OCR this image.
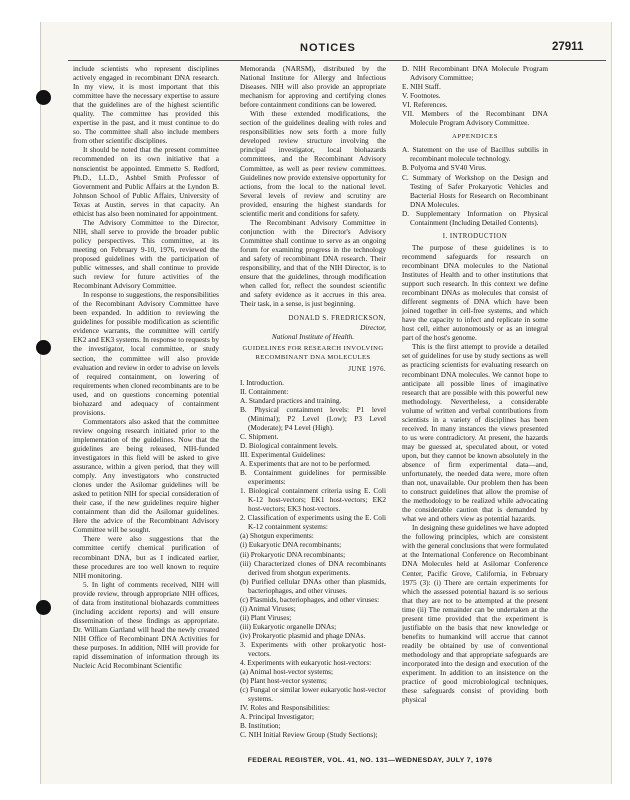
NOTICES	27911

include scientists who represent disciplines actively engaged in recombinant DNA research. In my view, it is most important that this committee have the necessary expertise to assure that the guidelines are of the highest scientific quality. The committee has provided this expertise in the past, and it must continue to do so. The committee shall also include members from other scientific disciplines.

It should be noted that the present committee recommended on its own initiative that a nonscientist be appointed. Emmette S. Redford, Ph.D., LL.D., Ashbel Smith Professor of Government and Public Affairs at the Lyndon B. Johnson School of Public Affairs, University of Texas at Austin, serves in that capacity. An ethicist has also been nominated for appointment.

The Advisory Committee to the Director, NIH, shall serve to provide the broader public policy perspectives. This committee, at its meeting on February 9-10, 1976, reviewed the proposed guidelines with the participation of public witnesses, and shall continue to provide such review for future activities of the Recombinant Advisory Committee.

In response to suggestions, the responsibilities of the Recombinant Advisory Committee have been expanded. In addition to reviewing the guidelines for possible modification as scientific evidence warrants, the committee will certify EK2 and EK3 systems. In response to requests by the investigator, local committee, or study section, the committee will also provide evaluation and review in order to advise on levels of required containment, on lowering of requirements when cloned recombinants are to be used, and on questions concerning potential biohazard and adequacy of containment provisions.

Commentators also asked that the committee review ongoing research initiated prior to the implementation of the guidelines. Now that the guidelines are being released, NIH-funded investigators in this field will be asked to give assurance, within a given period, that they will comply. Any investigators who constructed clones under the Asilomar guidelines will be asked to petition NIH for special consideration of their case, if the new guidelines require higher containment than did the Asilomar guidelines. Here the advice of the Recombinant Advisory Committee will be sought.

There were also suggestions that the committee certify chemical purification of recombinant DNA, but as I indicated earlier, these procedures are too well known to require NIH monitoring.

5. In light of comments received, NIH will provide review, through appropriate NIH offices, of data from institutional biohazards committees (including accident reports) and will ensure dissemination of these findings as appropriate. Dr. William Gartland will head the newly created NIH Office of Recombinant DNA Activities for these purposes. In addition, NIH will provide for rapid dissemination of information through its Nucleic Acid Recombinant Scientific

Memoranda (NARSM), distributed by the National Institute for Allergy and Infectious Diseases. NIH will also provide an appropriate mechanism for approving and certifying clones before containment conditions can be lowered.

With these extended modifications, the section of the guidelines dealing with roles and responsibilities now sets forth a more fully developed review structure involving the principal investigator, local biohazards committees, and the Recombinant Advisory Committee, as well as peer review committees. Guidelines now provide extensive opportunity for actions, from the local to the national level. Several levels of review and scrutiny are provided, ensuring the highest standards for scientific merit and conditions for safety.

The Recombinant Advisory Committee in conjunction with the Director's Advisory Committee shall continue to serve as an ongoing forum for examining progress in the technology and safety of recombinant DNA research. Their responsibility, and that of the NIH Director, is to ensure that the guidelines, through modification when called for, reflect the soundest scientific and safety evidence as it accrues in this area. Their task, in a sense, is just beginning.

DONALD S. FREDRICKSON,
Director,
National Institute of Health.
GUIDELINES FOR RESEARCH INVOLVING RECOMBINANT DNA MOLECULES
JUNE 1976.
I. Introduction.
II. Containment:
A. Standard practices and training.
B. Physical containment levels: P1 level (Minimal); P2 Level (Low); P3 Level (Moderate); P4 Level (High).
C. Shipment.
D. Biological containment levels.
III. Experimental Guidelines:
A. Experiments that are not to be performed.
B. Containment guidelines for permissible experiments:
1. Biological containment criteria using E. Coli K-12 host-vectors; EK1 host-vectors; EK2 host-vectors; EK3 host-vectors.
2. Classification of experiments using the E. Coli K-12 containment systems:
(a) Shotgun experiments:
(i) Eukaryotic DNA recombinants;
(ii) Prokaryotic DNA recombinants;
(iii) Characterized clones of DNA recombinants derived from shotgun experiments.
(b) Purified cellular DNAs other than plasmids, bacteriophages, and other viruses.
(c) Plasmids, bacteriophages, and other viruses:
(i) Animal Viruses;
(ii) Plant Viruses;
(iii) Eukaryotic organelle DNAs;
(iv) Prokaryotic plasmid and phage DNAs.
3. Experiments with other prokaryotic host-vectors.
4. Experiments with eukaryotic host-vectors:
(a) Animal host-vector systems;
(b) Plant host-vector systems;
(c) Fungal or similar lower eukaryotic host-vector systems.
IV. Roles and Responsibilities:
A. Principal Investigator;
B. Institution;
C. NIH Initial Review Group (Study Sections);
D. NIH Recombinant DNA Molecule Program Advisory Committee;
E. NIH Staff.
V. Footnotes.
VI. References.
VII. Members of the Recombinant DNA Molecule Program Advisory Committee.
APPENDICES
A. Statement on the use of Bacillus subtilis in recombinant molecule technology.
B. Polyoma and SV40 Virus.
C. Summary of Workshop on the Design and Testing of Safer Prokaryotic Vehicles and Bacterial Hosts for Research on Recombinant DNA Molecules.
D. Supplementary Information on Physical Containment (Including Detailed Contents).
I. INTRODUCTION

The purpose of these guidelines is to recommend safeguards for research on recombinant DNA molecules to the National Institutes of Health and to other institutions that support such research. In this context we define recombinant DNAs as molecules that consist of different segments of DNA which have been joined together in cell-free systems, and which have the capacity to infect and replicate in some host cell, either autonomously or as an integral part of the host's genome.

This is the first attempt to provide a detailed set of guidelines for use by study sections as well as practicing scientists for evaluating research on recombinant DNA molecules. We cannot hope to anticipate all possible lines of imaginative research that are possible with this powerful new methodology. Nevertheless, a considerable volume of written and verbal contributions from scientists in a variety of disciplines has been received. In many instances the views presented to us were contradictory. At present, the hazards may be guessed at, speculated about, or voted upon, but they cannot be known absolutely in the absence of firm experimental data—and, unfortunately, the needed data were, more often than not, unavailable. Our problem then has been to construct guidelines that allow the promise of the methodology to be realized while advocating the considerable caution that is demanded by what we and others view as potential hazards.

In designing these guidelines we have adopted the following principles, which are consistent with the general conclusions that were formulated at the International Conference on Recombinant DNA Molecules held at Asilomar Conference Center, Pacific Grove, California, in February 1975 (3): (i) There are certain experiments for which the assessed potential hazard is so serious that they are not to be attempted at the present time (ii) The remainder can be undertaken at the present time provided that the experiment is justifiable on the basis that new knowledge or benefits to humankind will accrue that cannot readily be obtained by use of conventional methodology and that appropriate safeguards are incorporated into the design and execution of the experiment. In addition to an insistence on the practice of good microbiological techniques, these safeguards consist of providing both physical

FEDERAL REGISTER, VOL. 41, NO. 131—WEDNESDAY, JULY 7, 1976
